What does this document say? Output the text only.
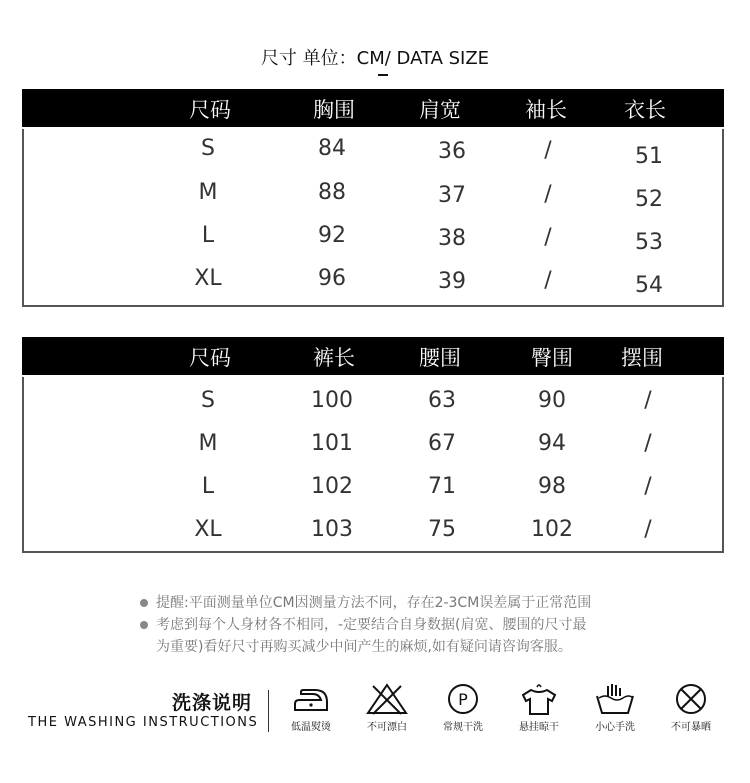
尺寸 单位：CM/ DATA SIZE
尺码	胸围	肩宽	袖长	衣长
S	84	36	/	51
M	88	37	/	52
L	92	38	/	53
XL	96	39	/	54
尺码	裤长	腰围	臀围 摆围
S	100	63	90	/
M	101	67	94	/
L	102	71	98	/
XL	103	75	102	/
提醒:平面测量单位CM因测量方法不同，存在2-3CM误差属于正常范围
考虑到每个人身材各不相同，-定要结合自身数据(肩宽、腰围的尺寸最
为重要)看好尺寸再购买减少中间产生的麻烦,如有疑问请咨询客服。
洗涤说明
THE WASHING INSTRUCTIONS	低温熨烫	不可漂白
P
常规干洗	悬挂晾干	小心手洗	不可暴晒
